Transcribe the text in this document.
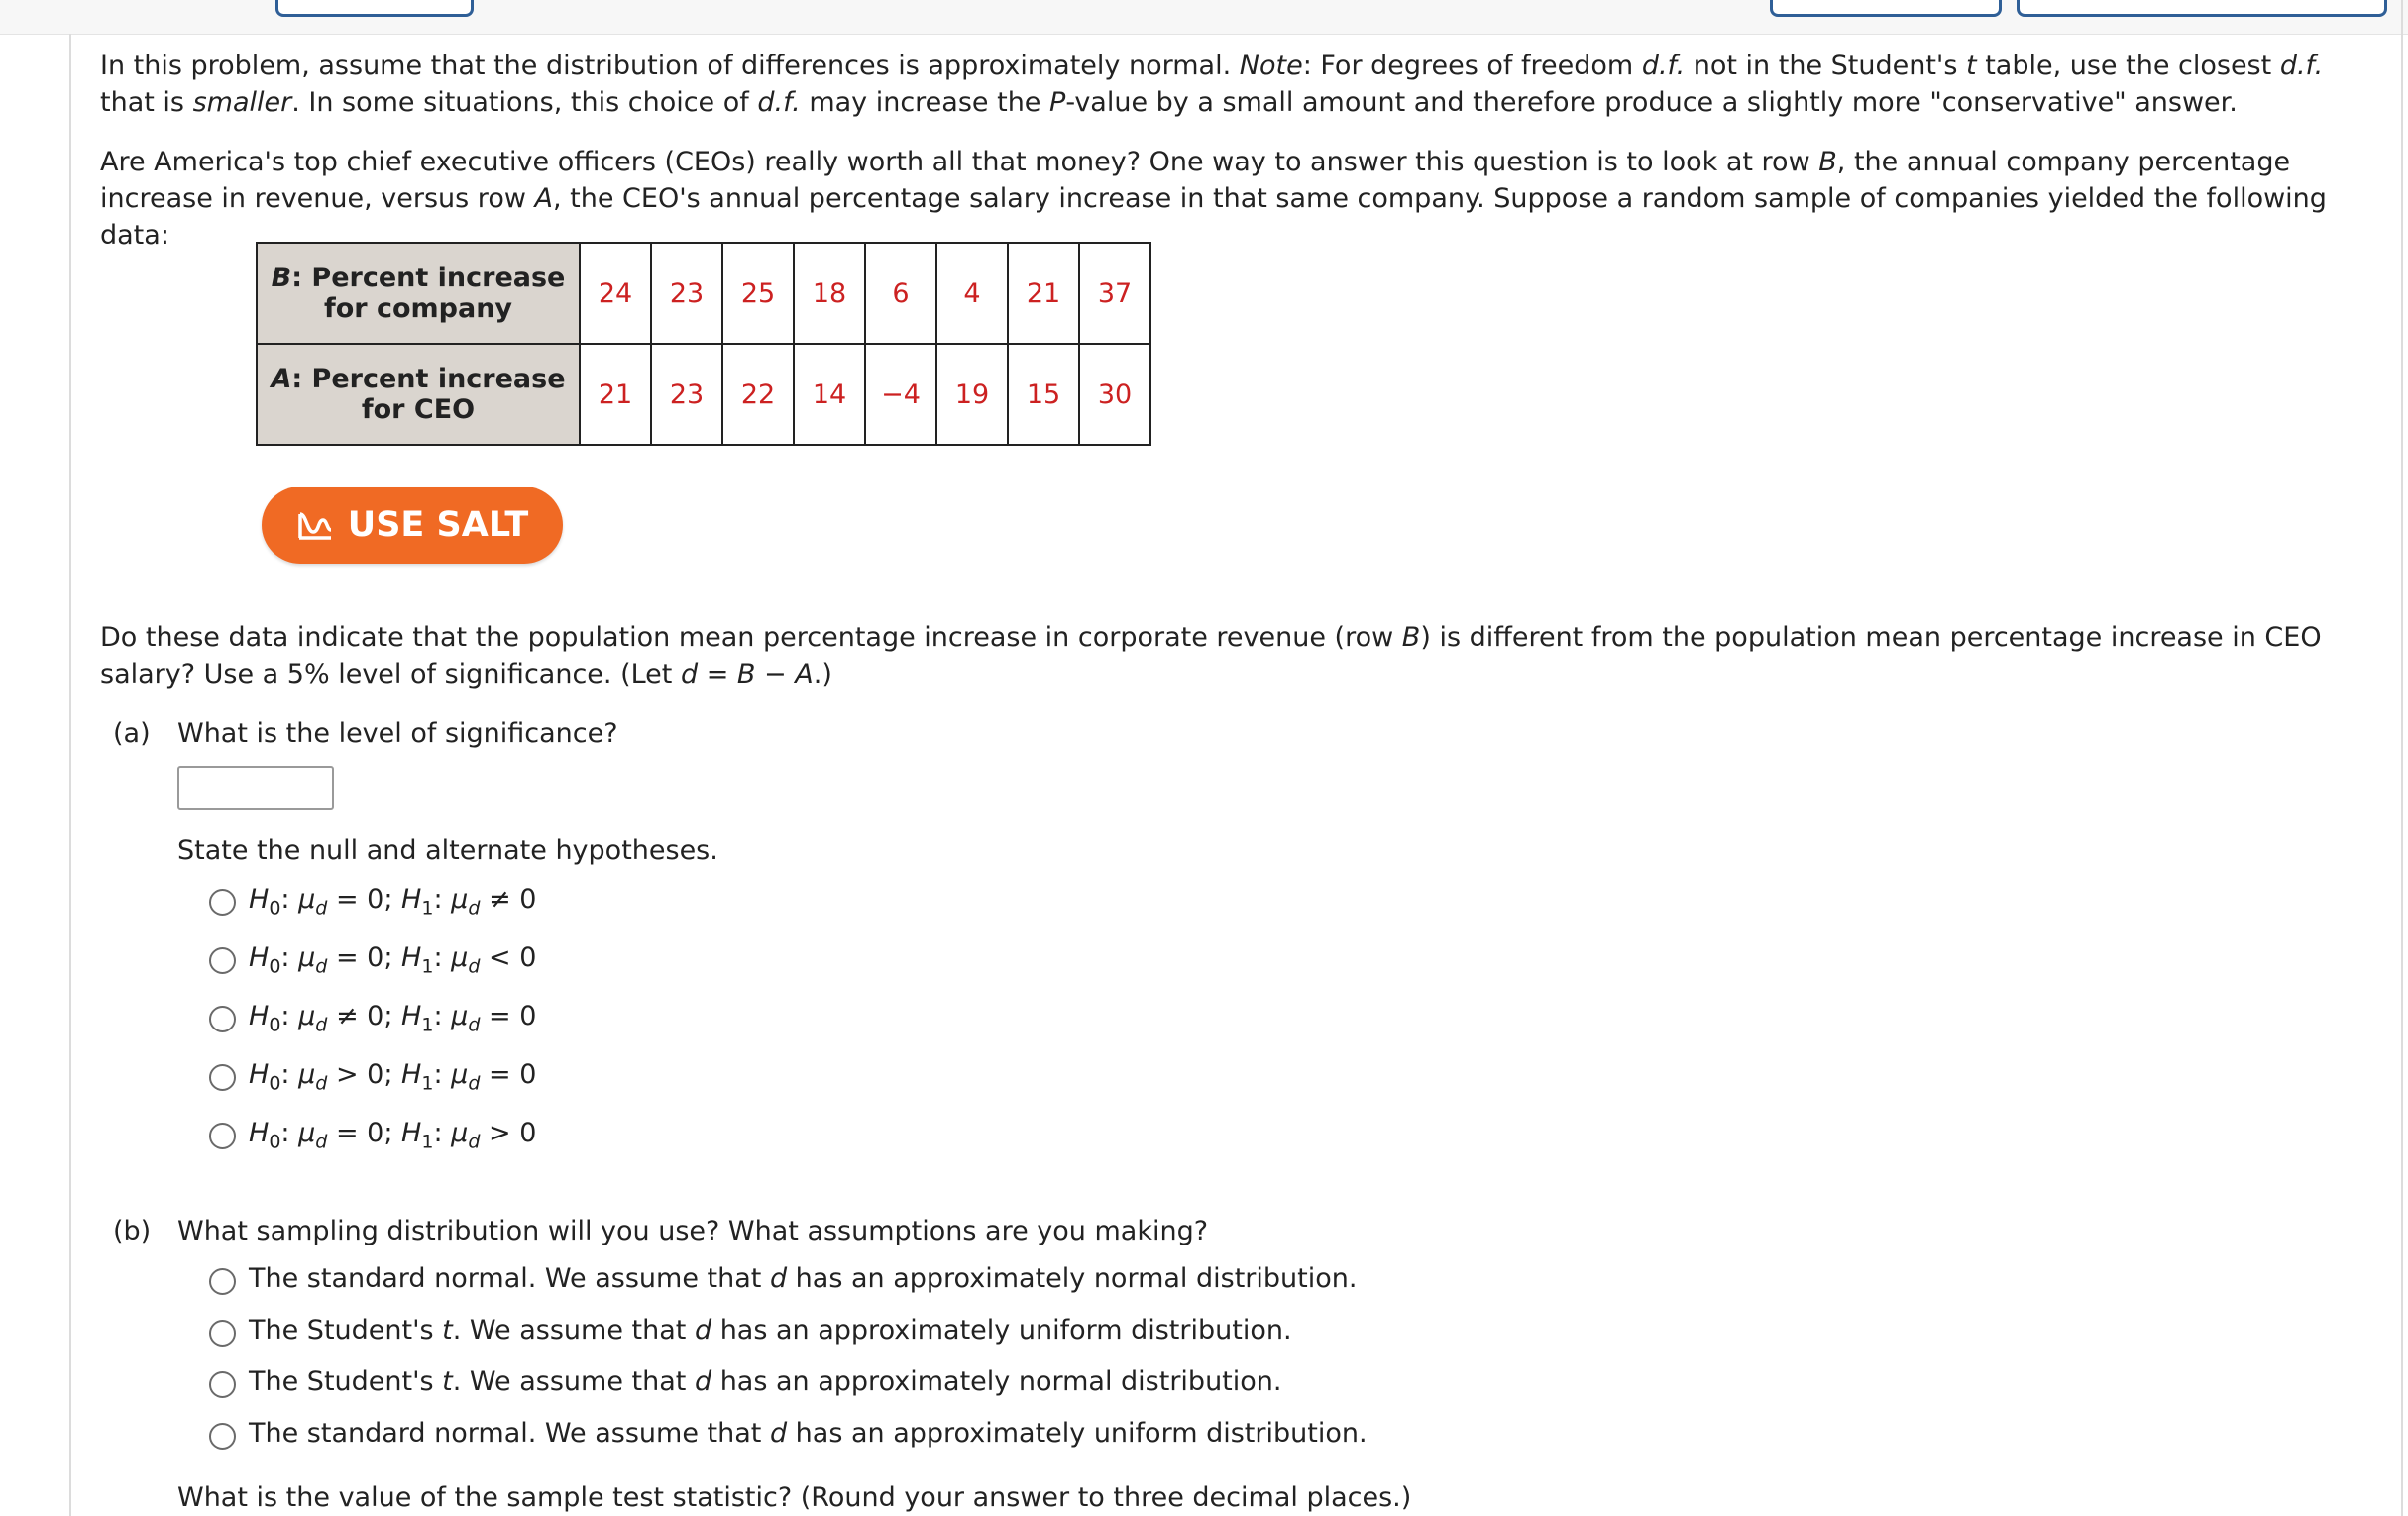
In this problem, assume that the distribution of differences is approximately normal. Note: For degrees of freedom d.f. not in the Student's t table, use the closest d.f. that is smaller. In some situations, this choice of d.f. may increase the P-value by a small amount and therefore produce a slightly more "conservative" answer.

Are America's top chief executive officers (CEOs) really worth all that money? One way to answer this question is to look at row B, the annual company percentage increase in revenue, versus row A, the CEO's annual percentage salary increase in that same company. Suppose a random sample of companies yielded the following data:

B: Percent increase
for company	24	23	25	18	6	4	21	37
A: Percent increase
for CEO	21	23	22	14	−4	19	15	30
USE SALT

Do these data indicate that the population mean percentage increase in corporate revenue (row B) is different from the population mean percentage increase in CEO salary? Use a 5% level of significance. (Let d = B − A.)

(a) What is the level of significance?
State the null and alternate hypotheses.
$H_0$: $\mu_d = 0$; $H_1$: $\mu_d \ne 0$
$H_0$: $\mu_d = 0$; $H_1$: $\mu_d < 0$
$H_0$: $\mu_d \ne 0$; $H_1$: $\mu_d = 0$
$H_0$: $\mu_d > 0$; $H_1$: $\mu_d = 0$
$H_0$: $\mu_d = 0$; $H_1$: $\mu_d > 0$
(b) What sampling distribution will you use? What assumptions are you making?
The standard normal. We assume that d has an approximately normal distribution.
The Student's t. We assume that d has an approximately uniform distribution.
The Student's t. We assume that d has an approximately normal distribution.
The standard normal. We assume that d has an approximately uniform distribution.
What is the value of the sample test statistic? (Round your answer to three decimal places.)
